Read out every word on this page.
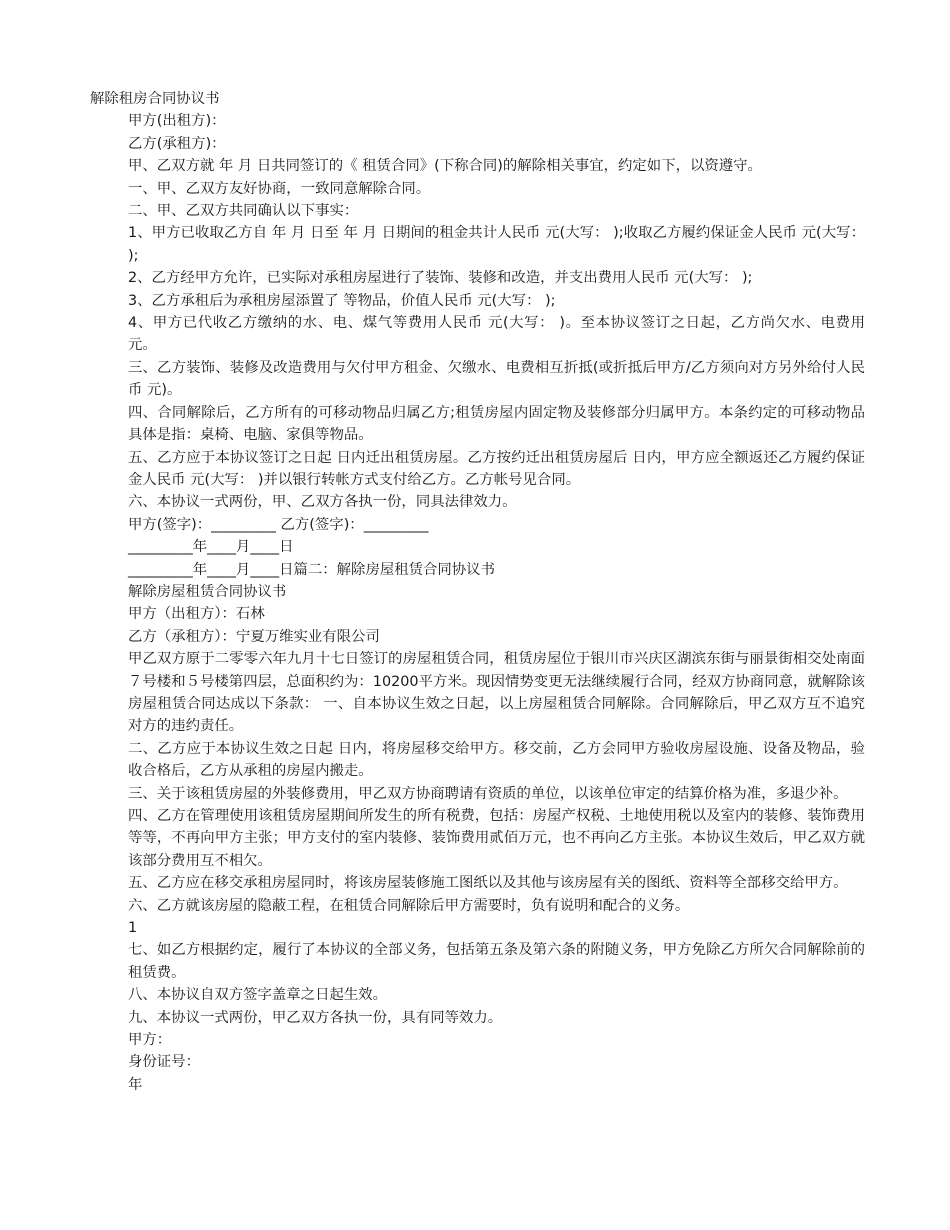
解除租房合同协议书

甲方(出租方)：

乙方(承租方)：

甲、乙双方就 年 月 日共同签订的《 租赁合同》(下称合同)的解除相关事宜，约定如下，以资遵守。

一、甲、乙双方友好协商，一致同意解除合同。

二、甲、乙双方共同确认以下事实：

1、甲方已收取乙方自 年 月 日至 年 月 日期间的租金共计人民币 元(大写： );收取乙方履约保证金人民币 元(大写： );

2、乙方经甲方允许，已实际对承租房屋进行了装饰、装修和改造，并支出费用人民币 元(大写： );

3、乙方承租后为承租房屋添置了 等物品，价值人民币 元(大写： );

4、甲方已代收乙方缴纳的水、电、煤气等费用人民币 元(大写： )。至本协议签订之日起，乙方尚欠水、电费用 元。

三、乙方装饰、装修及改造费用与欠付甲方租金、欠缴水、电费相互折抵(或折抵后甲方/乙方须向对方另外给付人民币 元)。

四、合同解除后，乙方所有的可移动物品归属乙方;租赁房屋内固定物及装修部分归属甲方。本条约定的可移动物品具体是指：桌椅、电脑、家俱等物品。

五、乙方应于本协议签订之日起 日内迁出租赁房屋。乙方按约迁出租赁房屋后 日内，甲方应全额返还乙方履约保证金人民币 元(大写： )并以银行转帐方式支付给乙方。乙方帐号见合同。

六、本协议一式两份，甲、乙双方各执一份，同具法律效力。

甲方(签字)：_________ 乙方(签字)：_________

_________年____月____日

_________年____月____日篇二：解除房屋租赁合同协议书

解除房屋租赁合同协议书

甲方（出租方）：石林

乙方（承租方）：宁夏万维实业有限公司

甲乙双方原于二零零六年九月十七日签订的房屋租赁合同，租赁房屋位于银川市兴庆区湖滨东街与丽景街相交处南面７号楼和５号楼第四层，总面积约为：10200平方米。现因情势变更无法继续履行合同，经双方协商同意，就解除该房屋租赁合同达成以下条款： 一、自本协议生效之日起，以上房屋租赁合同解除。合同解除后，甲乙双方互不追究对方的违约责任。

二、乙方应于本协议生效之日起 日内，将房屋移交给甲方。移交前，乙方会同甲方验收房屋设施、设备及物品，验收合格后，乙方从承租的房屋内搬走。

三、关于该租赁房屋的外装修费用，甲乙双方协商聘请有资质的单位，以该单位审定的结算价格为准，多退少补。

四、乙方在管理使用该租赁房屋期间所发生的所有税费，包括：房屋产权税、土地使用税以及室内的装修、装饰费用等等，不再向甲方主张；甲方支付的室内装修、装饰费用贰佰万元，也不再向乙方主张。本协议生效后，甲乙双方就该部分费用互不相欠。

五、乙方应在移交承租房屋同时，将该房屋装修施工图纸以及其他与该房屋有关的图纸、资料等全部移交给甲方。

六、乙方就该房屋的隐蔽工程，在租赁合同解除后甲方需要时，负有说明和配合的义务。

1

七、如乙方根据约定，履行了本协议的全部义务，包括第五条及第六条的附随义务，甲方免除乙方所欠合同解除前的租赁费。

八、本协议自双方签字盖章之日起生效。

九、本协议一式两份，甲乙双方各执一份，具有同等效力。

甲方：

身份证号：

年
